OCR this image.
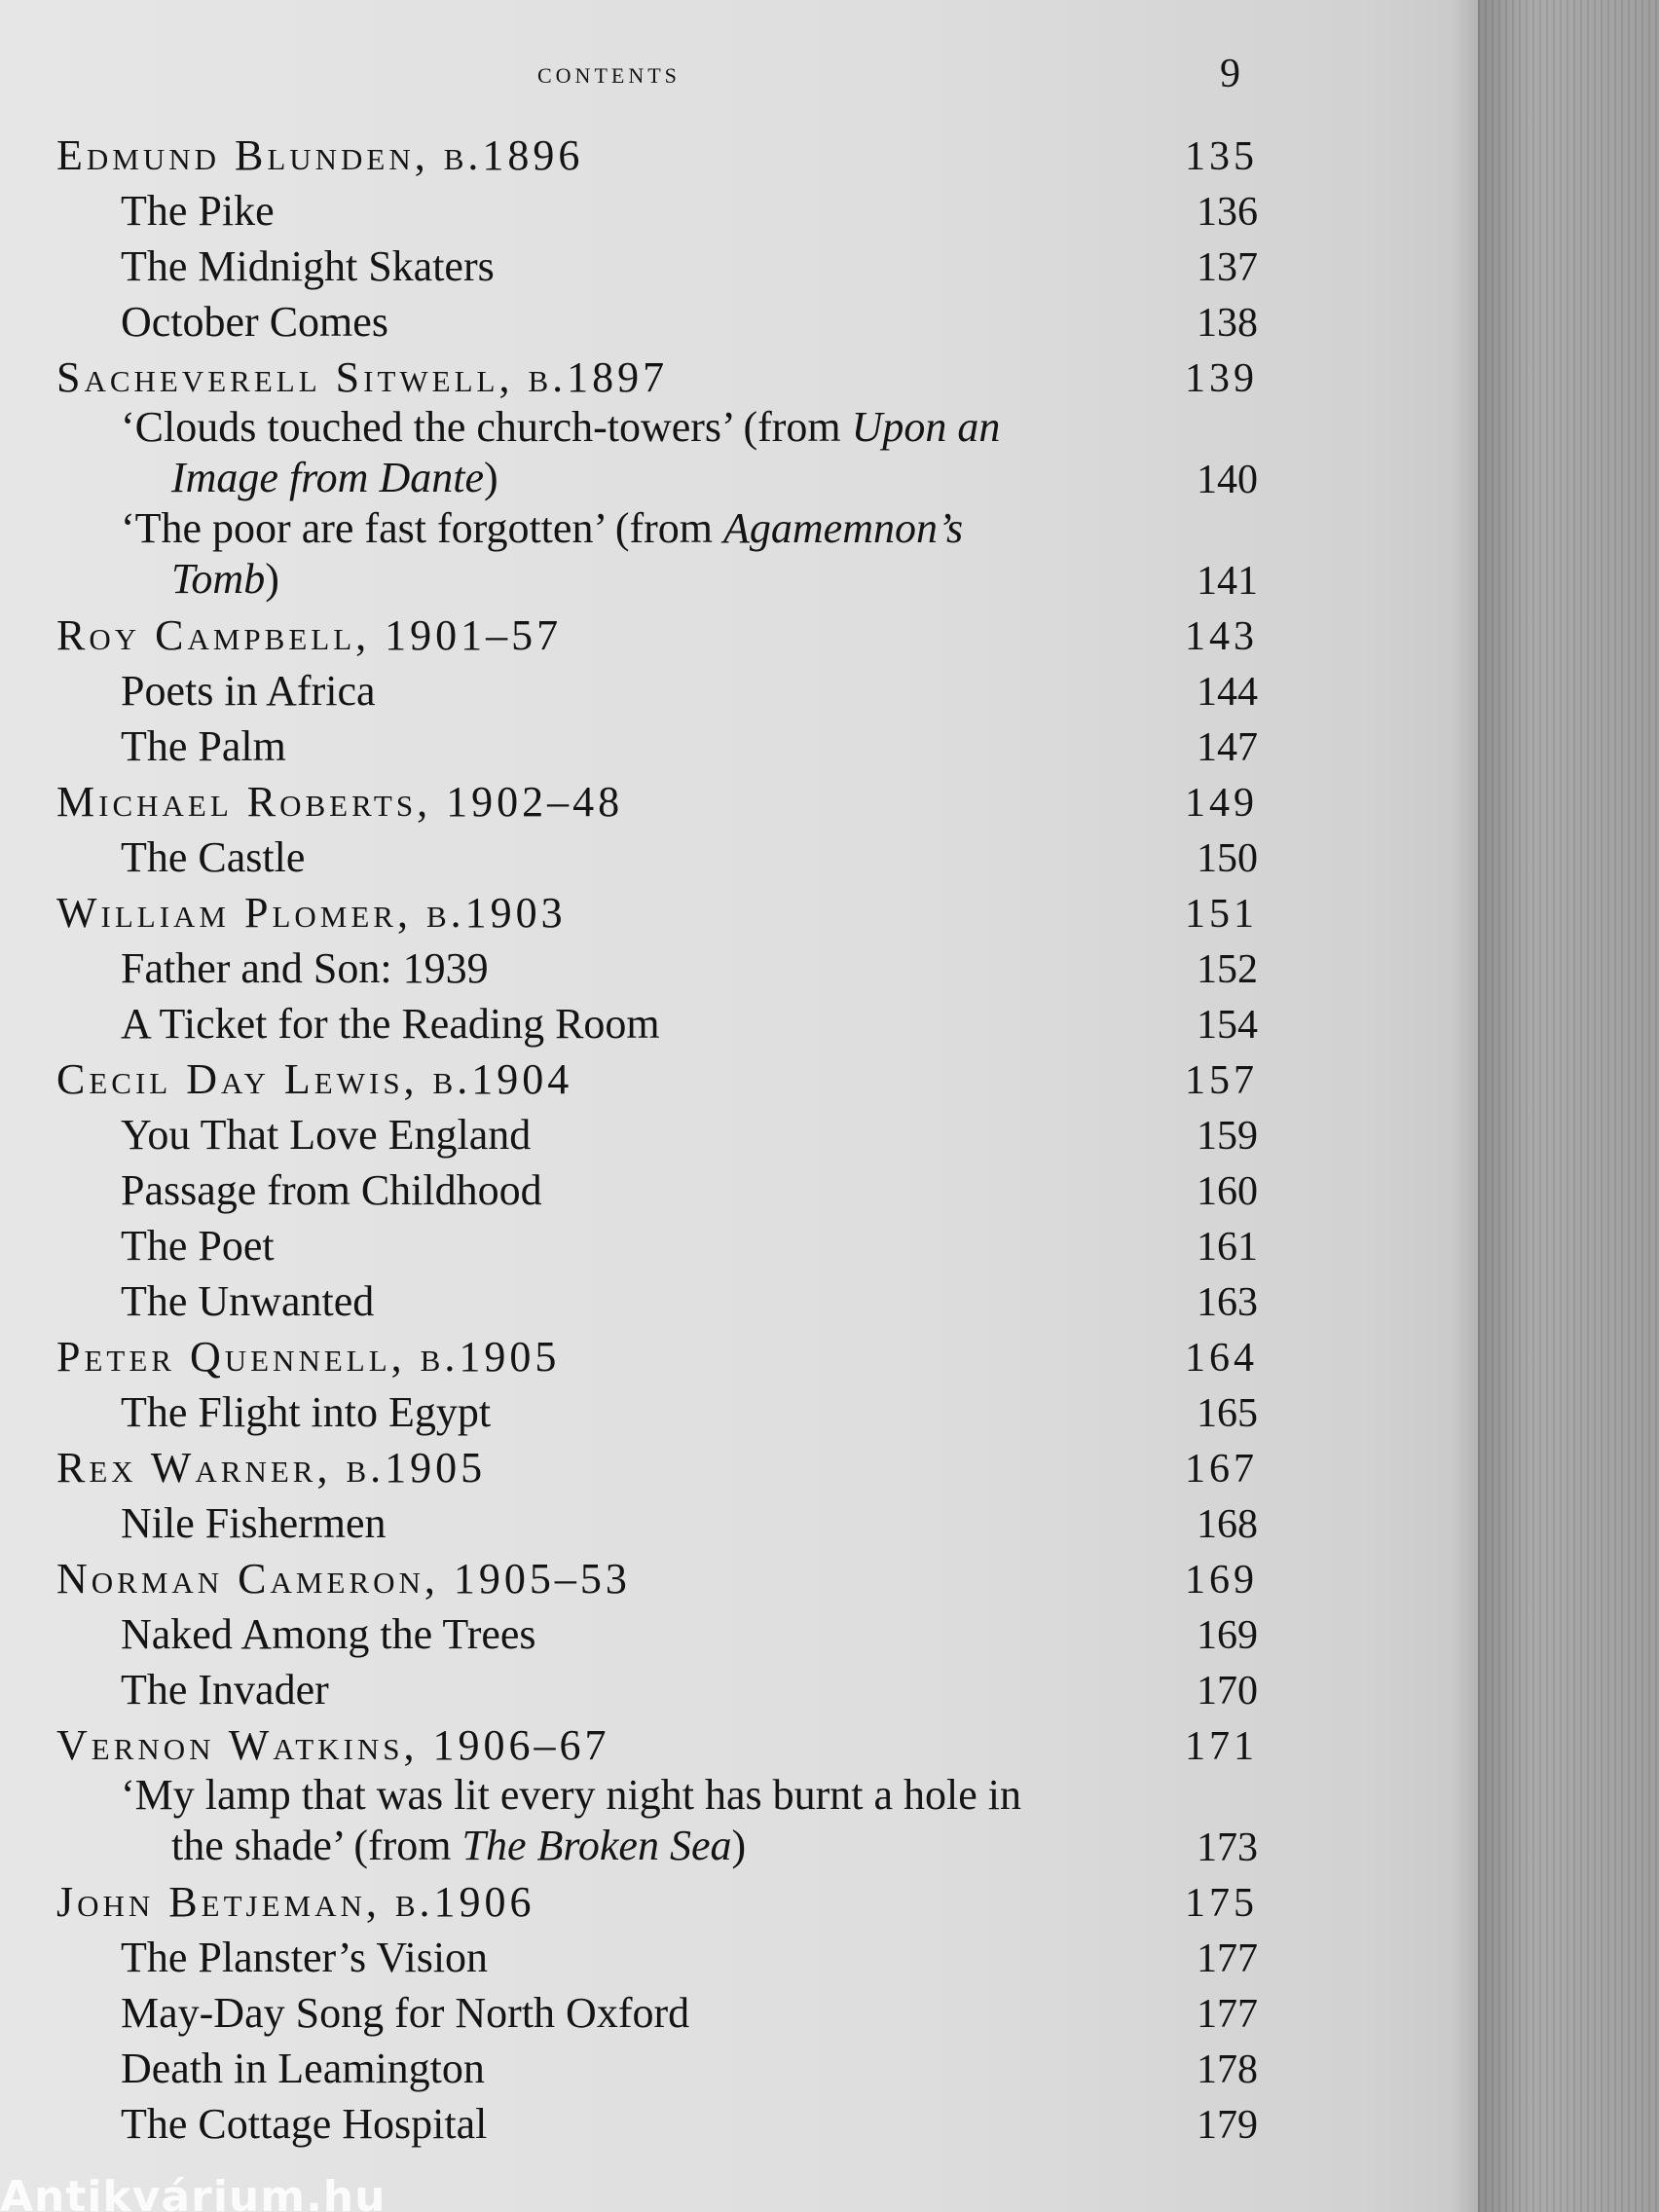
contents	9
Edmund Blunden, b.1896	135
The Pike	136
The Midnight Skaters	137
October Comes	138
Sacheverell Sitwell, b.1897	139
‘Clouds touched the church-towers’ (from Upon an
Image from Dante)	140
‘The poor are fast forgotten’ (from Agamemnon’s
Tomb)	141
Roy Campbell, 1901–57	143
Poets in Africa	144
The Palm	147
Michael Roberts, 1902–48	149
The Castle	150
William Plomer, b.1903	151
Father and Son: 1939	152
A Ticket for the Reading Room	154
Cecil Day Lewis, b.1904	157
You That Love England	159
Passage from Childhood	160
The Poet	161
The Unwanted	163
Peter Quennell, b.1905	164
The Flight into Egypt	165
Rex Warner, b.1905	167
Nile Fishermen	168
Norman Cameron, 1905–53	169
Naked Among the Trees	169
The Invader	170
Vernon Watkins, 1906–67	171
‘My lamp that was lit every night has burnt a hole in
the shade’ (from The Broken Sea)	173
John Betjeman, b.1906	175
The Planster’s Vision	177
May-Day Song for North Oxford	177
Death in Leamington	178
The Cottage Hospital	179
Antikvárium.hu
